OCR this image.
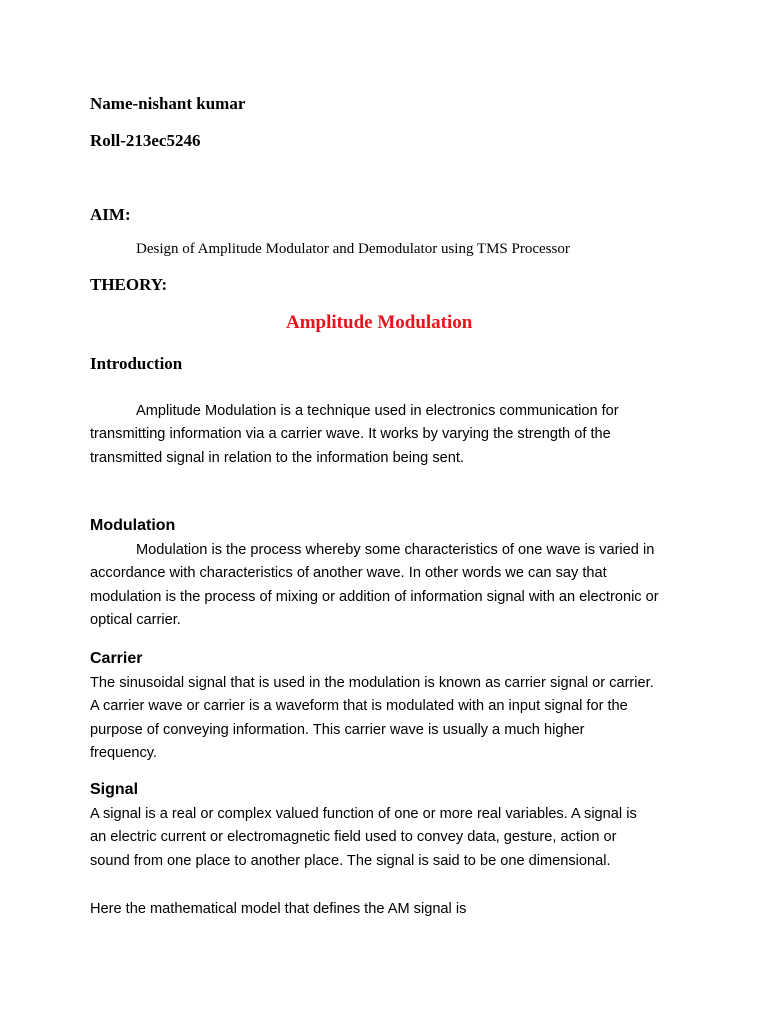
Name-nishant kumar

Roll-213ec5246

AIM:

Design of Amplitude Modulator and Demodulator using TMS Processor

THEORY:

Amplitude Modulation

Introduction

Amplitude Modulation is a technique used in electronics communication for
transmitting information via a carrier wave. It works by varying the strength of the
transmitted signal in relation to the information being sent.

Modulation

Modulation is the process whereby some characteristics of one wave is varied in
accordance with characteristics of another wave. In other words we can say that
modulation is the process of mixing or addition of information signal with an electronic or
optical carrier.

Carrier

The sinusoidal signal that is used in the modulation is known as carrier signal or carrier.
A carrier wave or carrier is a waveform that is modulated with an input signal for the
purpose of conveying information. This carrier wave is usually a much higher
frequency.

Signal

A signal is a real or complex valued function of one or more real variables. A signal is
an electric current or electromagnetic field used to convey data, gesture, action or
sound from one place to another place. The signal is said to be one dimensional.
Here the mathematical model that defines the AM signal is
